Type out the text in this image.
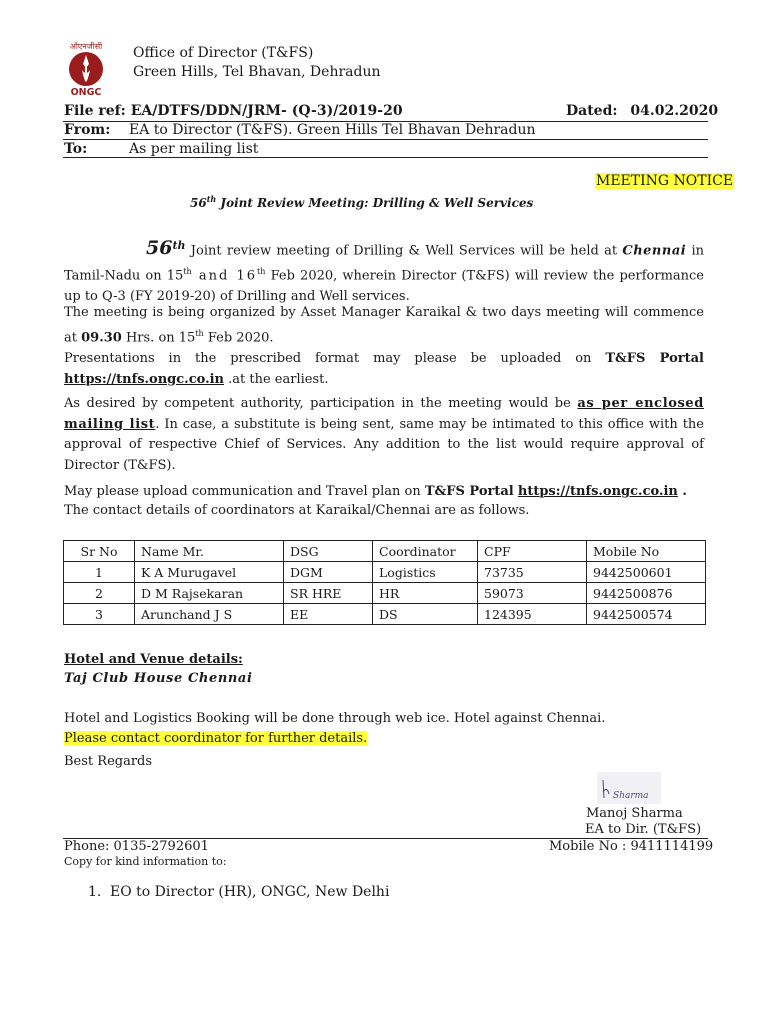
ओएनजीसी
ONGC
Office of Director (T&FS)
Green Hills, Tel Bhavan, Dehradun
File ref: EA/DTFS/DDN/JRM- (Q-3)/2019-20	Dated: 04.02.2020
From: EA to Director (T&FS). Green Hills Tel Bhavan Dehradun
To:	As per mailing list
MEETING NOTICE
56th Joint Review Meeting: Drilling & Well Services
56th Joint review meeting of Drilling & Well Services will be held at Chennai in Tamil-Nadu on 15th and 16th Feb 2020, wherein Director (T&FS) will review the performance up to Q-3 (FY 2019-20) of Drilling and Well services.
The meeting is being organized by Asset Manager Karaikal & two days meeting will commence at 09.30 Hrs. on 15th Feb 2020.
Presentations in the prescribed format may please be uploaded on T&FS Portal https://tnfs.ongc.co.in .at the earliest.
As desired by competent authority, participation in the meeting would be as per enclosed mailing list. In case, a substitute is being sent, same may be intimated to this office with the approval of respective Chief of Services. Any addition to the list would require approval of Director (T&FS).
May please upload communication and Travel plan on T&FS Portal https://tnfs.ongc.co.in .
The contact details of coordinators at Karaikal/Chennai are as follows.
Sr No	Name Mr.	DSG	Coordinator	CPF	Mobile No
1	K A Murugavel	DGM	Logistics	73735	9442500601
2	D M Rajsekaran	SR HRE	HR	59073	9442500876
3	Arunchand J S	EE	DS	124395	9442500574
Hotel and Venue details:
Taj Club House Chennai
Hotel and Logistics Booking will be done through web ice. Hotel against Chennai.
Please contact coordinator for further details.
Best Regards
Sharma
Manoj Sharma
EA to Dir. (T&FS)
Phone: 0135-2792601	Mobile No : 9411114199
Copy for kind information to:
1. EO to Director (HR), ONGC, New Delhi
